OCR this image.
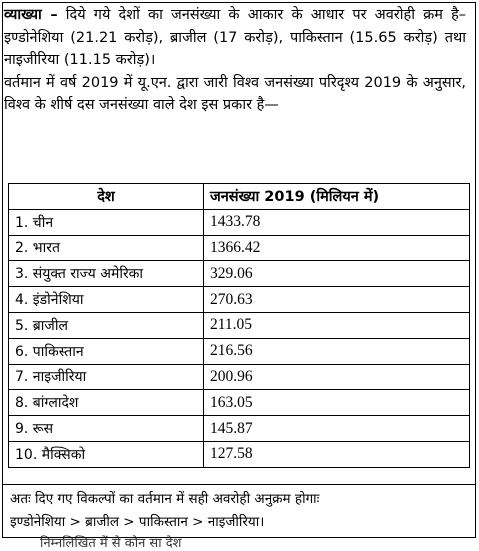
व्याख्या – दिये गये देशों का जनसंख्या के आकार के आधार पर अवरोही क्रम है–इण्डोनेशिया (21.21 करोड़), ब्राजील (17 करोड़), पाकिस्तान (15.65 करोड़) तथा नाइजीरिया (11.15 करोड़)।

वर्तमान में वर्ष 2019 में यू.एन. द्वारा जारी विश्व जनसंख्या परिदृश्य 2019 के अनुसार, विश्व के शीर्ष दस जनसंख्या वाले देश इस प्रकार है—

देश	जनसंख्या 2019 (मिलियन में)
1. चीन	1433.78
2. भारत	1366.42
3. संयुक्त राज्य अमेरिका	329.06
4. इंडोनेशिया	270.63
5. ब्राजील	211.05
6. पाकिस्तान	216.56
7. नाइजीरिया	200.96
8. बांग्लादेश	163.05
9. रूस	145.87
10. मैक्सिको	127.58

अतः दिए गए विकल्पों का वर्तमान में सही अवरोही अनुक्रम होगाः

इण्डोनेशिया > ब्राजील > पाकिस्तान > नाइजीरिया।

निम्नलिखित में से कौन सा देश
